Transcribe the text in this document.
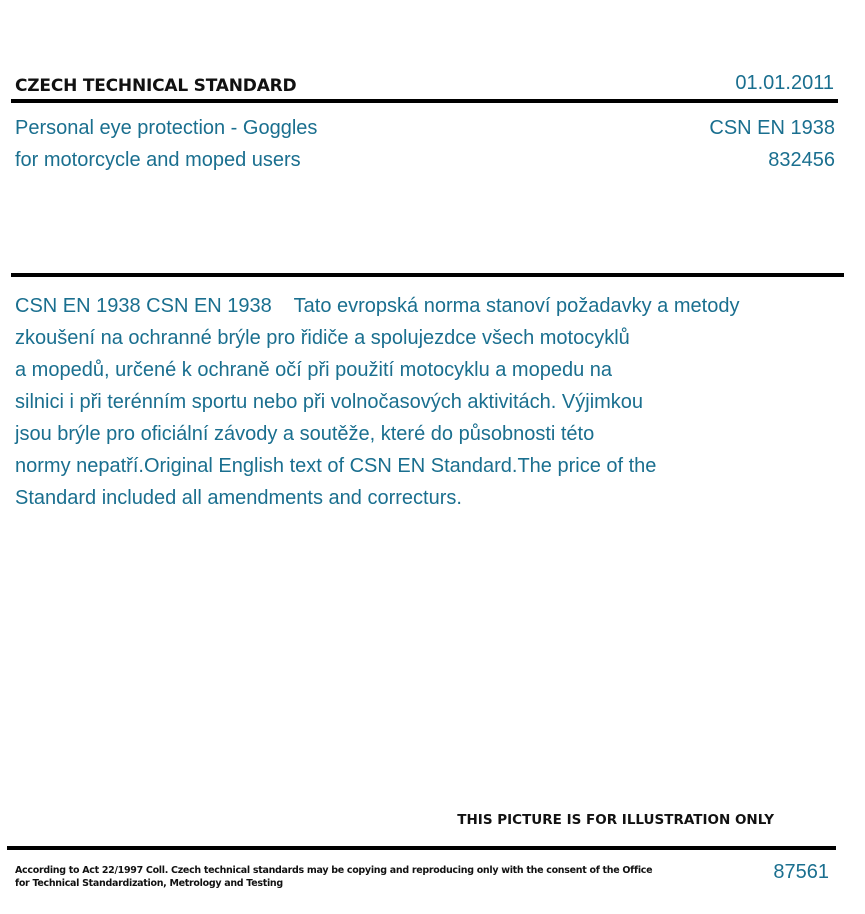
CZECH TECHNICAL STANDARD	01.01.2011
Personal eye protection - Goggles
for motorcycle and moped users
CSN EN 1938
832456
CSN EN 1938 CSN EN 1938    Tato evropská norma stanoví požadavky a metody
zkoušení na ochranné brýle pro řidiče a spolujezdce všech motocyklů
a mopedů, určené k ochraně očí při použití motocyklu a mopedu na
silnici i při terénním sportu nebo při volnočasových aktivitách. Výjimkou
jsou brýle pro oficiální závody a soutěže, které do působnosti této
normy nepatří.Original English text of CSN EN Standard.The price of the
Standard included all amendments and correcturs.
THIS PICTURE IS FOR ILLUSTRATION ONLY
According to Act 22/1997 Coll. Czech technical standards may be copying and reproducing only with the consent of the Office
for Technical Standardization, Metrology and Testing
87561
